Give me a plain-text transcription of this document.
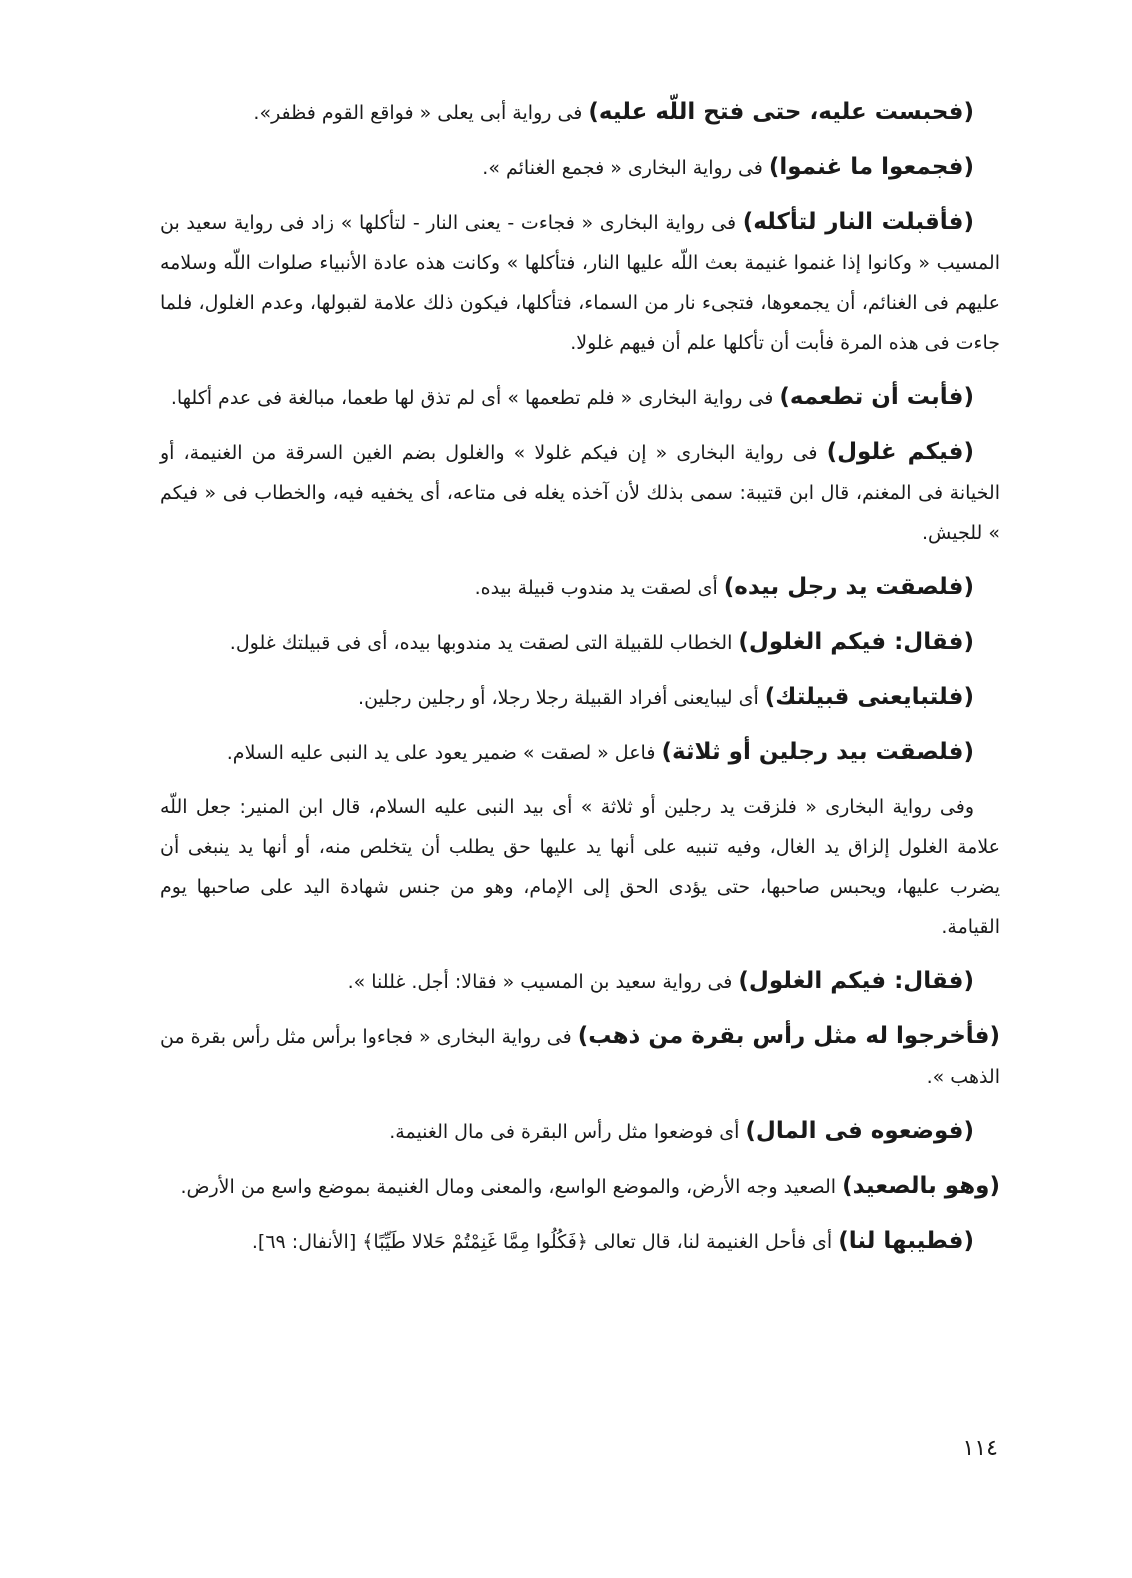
(فحبست عليه، حتى فتح اللّه عليه) فى رواية أبى يعلى « فواقع القوم فظفر».

(فجمعوا ما غنموا) فى رواية البخارى « فجمع الغنائم ».

(فأقبلت النار لتأكله) فى رواية البخارى « فجاءت - يعنى النار - لتأكلها » زاد فى رواية سعيد بن المسيب « وكانوا إذا غنموا غنيمة بعث اللّه عليها النار، فتأكلها » وكانت هذه عادة الأنبياء صلوات اللّه وسلامه عليهم فى الغنائم، أن يجمعوها، فتجىء نار من السماء، فتأكلها، فيكون ذلك علامة لقبولها، وعدم الغلول، فلما جاءت فى هذه المرة فأبت أن تأكلها علم أن فيهم غلولا.

(فأبت أن تطعمه) فى رواية البخارى « فلم تطعمها » أى لم تذق لها طعما، مبالغة فى عدم أكلها.

(فيكم غلول) فى رواية البخارى « إن فيكم غلولا » والغلول بضم الغين السرقة من الغنيمة، أو الخيانة فى المغنم، قال ابن قتيبة: سمى بذلك لأن آخذه يغله فى متاعه، أى يخفيه فيه، والخطاب فى « فيكم » للجيش.

(فلصقت يد رجل بيده) أى لصقت يد مندوب قبيلة بيده.

(فقال: فيكم الغلول) الخطاب للقبيلة التى لصقت يد مندوبها بيده، أى فى قبيلتك غلول.

(فلتبايعنى قبيلتك) أى ليبايعنى أفراد القبيلة رجلا رجلا، أو رجلين رجلين.

(فلصقت بيد رجلين أو ثلاثة) فاعل « لصقت » ضمير يعود على يد النبى عليه السلام.

وفى رواية البخارى « فلزقت يد رجلين أو ثلاثة » أى بيد النبى عليه السلام، قال ابن المنير: جعل اللّه علامة الغلول إلزاق يد الغال، وفيه تنبيه على أنها يد عليها حق يطلب أن يتخلص منه، أو أنها يد ينبغى أن يضرب عليها، ويحبس صاحبها، حتى يؤدى الحق إلى الإمام، وهو من جنس شهادة اليد على صاحبها يوم القيامة.

(فقال: فيكم الغلول) فى رواية سعيد بن المسيب « فقالا: أجل. غللنا ».

(فأخرجوا له مثل رأس بقرة من ذهب) فى رواية البخارى « فجاءوا برأس مثل رأس بقرة من الذهب ».

(فوضعوه فى المال) أى فوضعوا مثل رأس البقرة فى مال الغنيمة.

(وهو بالصعيد) الصعيد وجه الأرض، والموضع الواسع، والمعنى ومال الغنيمة بموضع واسع من الأرض.

(فطيبها لنا) أى فأحل الغنيمة لنا، قال تعالى ﴿فَكُلُوا مِمَّا غَنِمْتُمْ حَلالا طَيِّبًا﴾ [الأنفال: ٦٩].

١١٤
